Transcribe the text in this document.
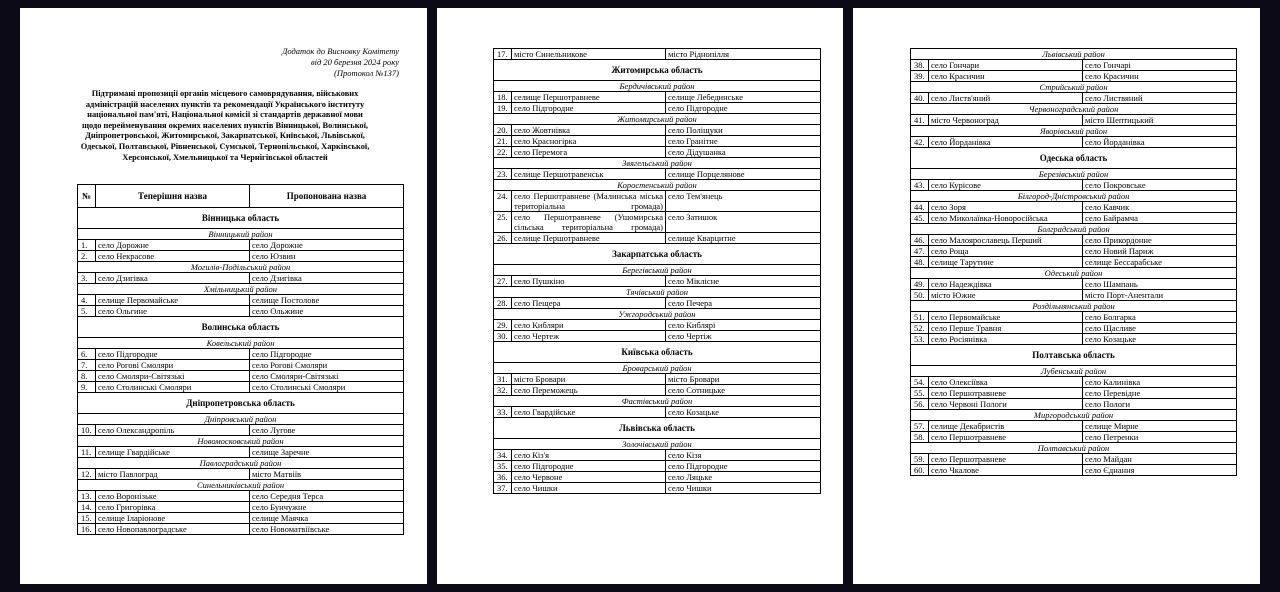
Додаток до Висновку Комітету
від 20 березня 2024 року
(Протокол №137)
Підтримані пропозиції органів місцевого самоврядування, військових адміністрацій населених пунктів та рекомендації Українського інституту національної пам'яті, Національної комісії зі стандартів державної мови щодо перейменування окремих населених пунктів Вінницької, Волинської, Дніпропетровської, Житомирської, Закарпатської, Київської, Львівської, Одеської, Полтавської, Рівненської, Сумської, Тернопільської, Харківської, Херсонської, Хмельницької та Чернігівської областей
№	Теперішня назва	Пропонована назва
Вінницька область		
Вінницький район		
1.	село Дорожне	село Дорожне
2.	село Некрасове	село Юзвин
Могилів-Подільський район		
3.	село Дзигівка	село Дзигівка
Хмільницький район		
4.	селище Первомайське	селище Постолове
5.	село Ольгине	село Ольжине
Волинська область		
Ковельський район		
6.	село Підгородне	село Підгородне
7.	село Рогові Смоляри	село Рогові Смоляри
8.	село Смоляри-Світязькі	село Смоляри-Світязькі
9.	село Столинські Смоляри	село Столинські Смоляри
Дніпропетровська область		
Дніпровський район		
10.	село Олександропіль	село Лугове
Новомосковський район		
11.	селище Гвардійське	селище Заречне
Павлоградський район		
12.	місто Павлоград	місто Матвіїв
Синельниківський район		
13.	село Воронізьке	село Середня Терса
14.	село Григорівка	село Бунчужне
15.	селище Іларіонове	селище Маячка
16.	село Новопавлоградське	село Новоматвіївське
17.	місто Синельникове	місто Ріднопілля
Житомирська область		
Бердичівський район		
18.	селище Першотравневе	селище Лебединське
19.	село Підгородне	село Підгородне
Житомирський район		
20.	село Жовтнівка	село Поліщуки
21.	село Красногірка	село Гранітне
22.	село Перемога	село Дідушанка
Звягельський район		
23.	селище Першотравенськ	селище Порцелянове
Коростенський район		
24.	село Першотравневе (Малинська міська територіальна громада)	село Тем'янець
25.	село Першотравневе (Ушомирська сільська територіальна громада)	село Затишок
26.	селище Першотравневе	селище Кварцитне
Закарпатська область		
Берегівський район		
27.	село Пушкіно	село Міклісне
Тячівський район		
28.	село Пещера	село Печера
Ужгородський район		
29.	село Кибляри	село Киблярі
30.	село Чертеж	село Чертіж
Київська область		
Броварський район		
31.	місто Бровари	місто Бровари
32.	село Переможець	село Сотницьке
Фастівський район		
33.	село Гвардійське	село Козацьке
Львівська область		
Золочівський район		
34.	село Кіз'я	село Кізя
35.	село Підгородне	село Підгородне
36.	село Червоне	село Ляцьке
37.	село Чишки	село Чишки
Львівський район		
38.	село Гончари	село Гончарі
39.	село Красичин	село Красичин
Стрийський район		
40.	село Листв'яний	село Листвяний
Червоноградський район		
41.	місто Червоноград	місто Шептицький
Яворівський район		
42.	село Йорданівка	село Йорданівка
Одеська область		
Березівський район		
43.	село Курісове	село Покровське
Білгород-Дністровський район		
44.	село Зоря	село Кавчик
45.	село Миколаївка-Новоросійська	село Байрамча
Болградський район		
46.	село Малоярославець Перший	село Прикордонне
47.	село Роща	село Новий Париж
48.	селище Тарутине	селище Бессарабське
Одеський район		
49.	село Надеждівка	село Шампань
50.	місто Южне	місто Порт-Анентали
Роздільнянський район		
51.	село Первомайське	село Болгарка
52.	село Перше Травня	село Щасливе
53.	село Росіянівка	село Козацьке
Полтавська область		
Лубенський район		
54.	село Олексіївка	село Калинівка
55.	село Першотравневе	село Перевідне
56.	село Червоні Пологи	село Пологи
Миргородський район		
57.	селище Декабристів	селище Мирне
58.	село Першотравневе	село Петренки
Полтавський район		
59.	село Першотравневе	село Майдан
60.	село Чкалове	село Єднання
